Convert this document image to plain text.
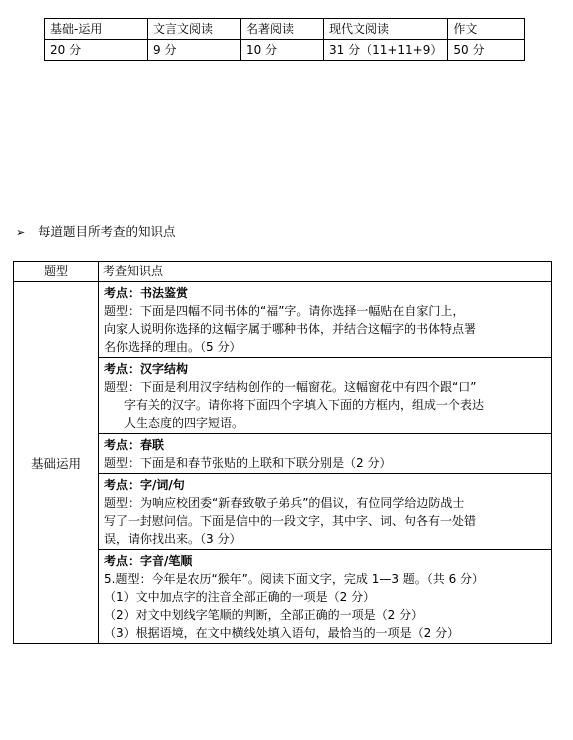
基础-运用	文言文阅读	名著阅读	现代文阅读	作文
20 分	9 分	10 分	31 分（11+11+9）	50 分
➢ 每道题目所考查的知识点
题型	考查知识点
基础运用	考点：书法鉴赏
题型：下面是四幅不同书体的“福”字。请你选择一幅贴在自家门上，
向家人说明你选择的这幅字属于哪种书体，并结合这幅字的书体特点署
名你选择的理由。（5 分）

	考点：汉字结构
题型：下面是利用汉字结构创作的一幅窗花。这幅窗花中有四个跟“口”
字有关的汉字。请你将下面四个字填入下面的方框内，组成一个表达
人生态度的四字短语。

	考点：春联
题型：下面是和春节张贴的上联和下联分别是（2 分）

	考点：字/词/句
题型：为响应校团委“新春致敬子弟兵”的倡议，有位同学给边防战士
写了一封慰问信。下面是信中的一段文字，其中字、词、句各有一处错
误，请你找出来。（3 分）

	考点：字音/笔顺
5.题型：今年是农历“猴年”。阅读下面文字，完成 1—3 题。（共 6 分）
（1）文中加点字的注音全部正确的一项是（2 分）
（2）对文中划线字笔顺的判断，全部正确的一项是（2 分）
（3）根据语境，在文中横线处填入语句，最恰当的一项是（2 分）
